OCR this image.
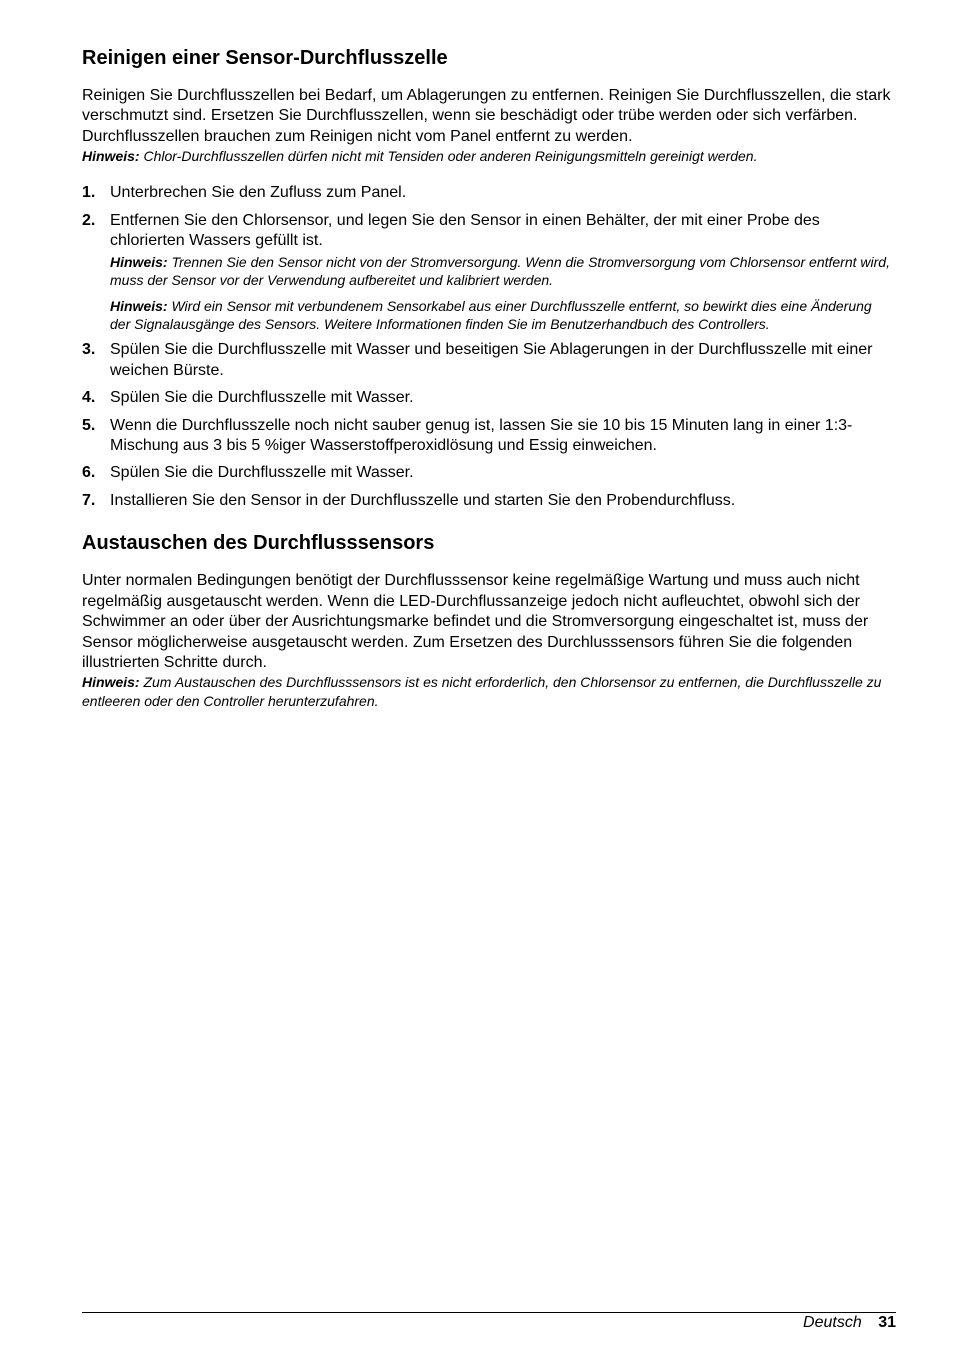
Reinigen einer Sensor-Durchflusszelle

Reinigen Sie Durchflusszellen bei Bedarf, um Ablagerungen zu entfernen. Reinigen Sie Durchflusszellen, die stark verschmutzt sind. Ersetzen Sie Durchflusszellen, wenn sie beschädigt oder trübe werden oder sich verfärben. Durchflusszellen brauchen zum Reinigen nicht vom Panel entfernt zu werden.

Hinweis: Chlor-Durchflusszellen dürfen nicht mit Tensiden oder anderen Reinigungsmitteln gereinigt werden.

1. Unterbrechen Sie den Zufluss zum Panel.
2. Entfernen Sie den Chlorsensor, und legen Sie den Sensor in einen Behälter, der mit einer Probe des chlorierten Wassers gefüllt ist.

Hinweis: Trennen Sie den Sensor nicht von der Stromversorgung. Wenn die Stromversorgung vom Chlorsensor entfernt wird, muss der Sensor vor der Verwendung aufbereitet und kalibriert werden.

Hinweis: Wird ein Sensor mit verbundenem Sensorkabel aus einer Durchflusszelle entfernt, so bewirkt dies eine Änderung der Signalausgänge des Sensors. Weitere Informationen finden Sie im Benutzerhandbuch des Controllers.

3. Spülen Sie die Durchflusszelle mit Wasser und beseitigen Sie Ablagerungen in der Durchflusszelle mit einer weichen Bürste.
4. Spülen Sie die Durchflusszelle mit Wasser.
5. Wenn die Durchflusszelle noch nicht sauber genug ist, lassen Sie sie 10 bis 15 Minuten lang in einer 1:3-Mischung aus 3 bis 5 %iger Wasserstoffperoxidlösung und Essig einweichen.
6. Spülen Sie die Durchflusszelle mit Wasser.
7. Installieren Sie den Sensor in der Durchflusszelle und starten Sie den Probendurchfluss.
Austauschen des Durchflusssensors

Unter normalen Bedingungen benötigt der Durchflusssensor keine regelmäßige Wartung und muss auch nicht regelmäßig ausgetauscht werden. Wenn die LED-Durchflussanzeige jedoch nicht aufleuchtet, obwohl sich der Schwimmer an oder über der Ausrichtungsmarke befindet und die Stromversorgung eingeschaltet ist, muss der Sensor möglicherweise ausgetauscht werden. Zum Ersetzen des Durchlusssensors führen Sie die folgenden illustrierten Schritte durch.

Hinweis: Zum Austauschen des Durchflusssensors ist es nicht erforderlich, den Chlorsensor zu entfernen, die Durchflusszelle zu entleeren oder den Controller herunterzufahren.

Deutsch 31
